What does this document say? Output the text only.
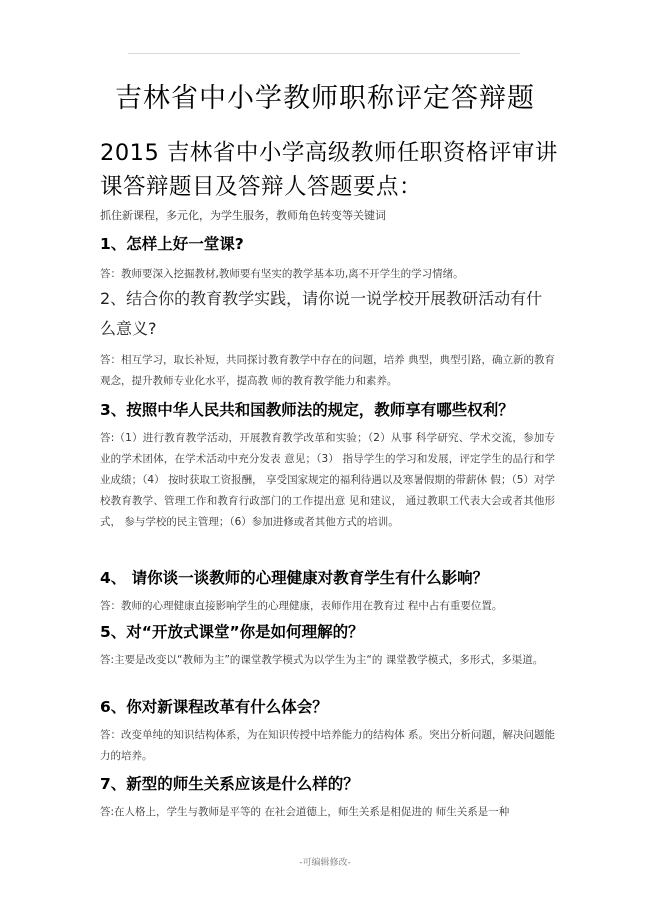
吉林省中小学教师职称评定答辩题
2015 吉林省中小学高级教师任职资格评审讲课答辩题目及答辩人答题要点：
抓住新课程，多元化，为学生服务，教师角色转变等关键词
1、怎样上好一堂课?
答：教师要深入挖掘教材,教师要有坚实的教学基本功,离不开学生的学习情绪。
2、结合你的教育教学实践，请你说一说学校开展教研活动有什么意义?
答：相互学习，取长补短，共同探讨教育教学中存在的问题，培养 典型，典型引路，确立新的教育观念，提升教师专业化水平，提高教 师的教育教学能力和素养。
3、按照中华人民共和国教师法的规定，教师享有哪些权利？
答:（1）进行教育教学活动，开展教育教学改革和实验；（2）从事 科学研究、学术交流，参加专业的学术团体，在学术活动中充分发表 意见；（3） 指导学生的学习和发展，评定学生的品行和学业成绩；（4） 按时获取工资报酬， 享受国家规定的福利待遇以及寒暑假期的带薪休 假；（5）对学校教育教学、管理工作和教育行政部门的工作提出意 见和建议， 通过教职工代表大会或者其他形式， 参与学校的民主管理；（6）参加进修或者其他方式的培训。
4、 请你谈一谈教师的心理健康对教育学生有什么影响？
答：教师的心理健康直接影响学生的心理健康，表师作用在教育过 程中占有重要位置。
5、对“开放式课堂”你是如何理解的？
答:主要是改变以“教师为主”的课堂教学模式为以学生为主“的 课堂教学模式，多形式，多渠道。
6、你对新课程改革有什么体会？
答：改变单纯的知识结构体系，为在知识传授中培养能力的结构体 系。突出分析问题，解决问题能力的培养。
7、新型的师生关系应该是什么样的？
答:在人格上，学生与教师是平等的 在社会道德上，师生关系是相促进的 师生关系是一种
-可编辑修改-
